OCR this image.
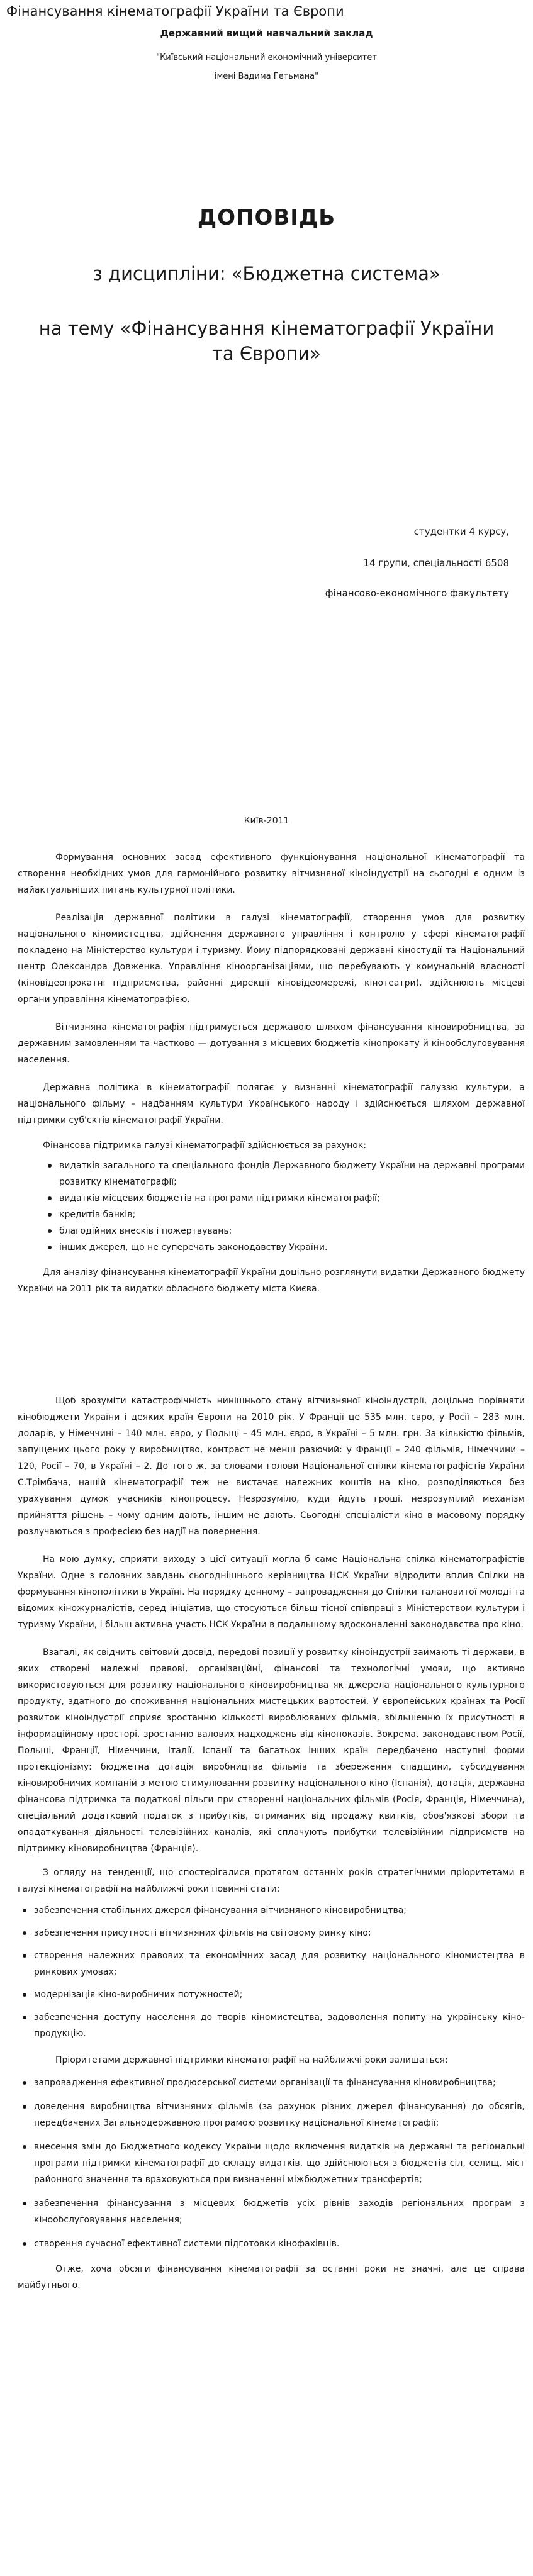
Фінансування кінематографії України та Європи
Державний вищий навчальний заклад
"Київський національний економічний університет
імені Вадима Гетьмана"
ДОПОВІДЬ
з дисципліни: «Бюджетна система»
на тему «Фінансування кінематографії України
та Європи»
студентки 4 курсу,
14 групи, спеціальності 6508
фінансово-економічного факультету
Київ-2011

Формування основних засад ефективного функціонування національної кінематографії та створення необхідних умов для гармонійного розвитку вітчизняної кіноіндустрії на сьогодні є одним із найактуальніших питань культурної політики.

Реалізація державної політики в галузі кінематографії, створення умов для розвитку національного кіномистецтва, здійснення державного управління і контролю у сфері кінематографії покладено на Міністерство культури і туризму. Йому підпорядковані державні кіностудії та Національний центр Олександра Довженка. Управління кінoорганізаціями, що перебувають у комунальній власності (кіновідеопрокатні підприємства, районні дирекції кіновідеомережі, кінотеатри), здійснюють місцеві органи управління кінематографією.

Вітчизняна кінематографія підтримується державою шляхом фінансування кіновиробництва, за державним замовленням та частково — дотування з місцевих бюджетів кінопрокату й кінообслуговування населення.

Державна політика в кінематографії полягає у визнанні кінематографії галуззю культури, а національного фільму – надбанням культури Українського народу і здійснюється шляхом державної підтримки суб'єктів кінематографії України.

Фінансова підтримка галузі кінематографії здійснюється за рахунок:

видатків загального та спеціального фондів Державного бюджету України на державні програми розвитку кінематографії;
видатків місцевих бюджетів на програми підтримки кінематографії;
кредитів банків;
благодійних внесків і пожертвувань;
інших джерел, що не суперечать законодавству України.

Для аналізу фінансування кінематографії України доцільно розглянути видатки Державного бюджету України на 2011 рік та видатки обласного бюджету міста Києва.

Щоб зрозуміти катастрофічність нинішнього стану вітчизняної кіноіндустрії, доцільно порівняти кінобюджети України і деяких країн Європи на 2010 рік. У Франції це 535 млн. євро, у Росії – 283 млн. доларів, у Німеччині – 140 млн. євро, у Польщі – 45 млн. євро, в Україні – 5 млн. грн. За кількістю фільмів, запущених цього року у виробництво, контраст не менш разючий: у Франції – 240 фільмів, Німеччини – 120, Росії – 70, в Україні – 2. До того ж, за словами голови Національної спілки кінематографістів України С.Трімбача, нашій кінематографії теж не вистачає належних коштів на кіно, розподіляються без урахування думок учасників кінопроцесу. Незрозуміло, куди йдуть гроші, незрозумілий механізм прийняття рішень – чому одним дають, іншим не дають. Сьогодні спеціалісти кіно в масовому порядку розлучаються з професією без надії на повернення.

На мою думку, сприяти виходу з цієї ситуації могла б саме Національна спілка кінематографістів України. Одне з головних завдань сьогоднішнього керівництва НСК України відродити вплив Спілки на формування кінополітики в Україні. На порядку денному – запровадження до Спілки талановитої молоді та відомих кіножурналістів, серед ініціатив, що стосуються більш тісної співпраці з Міністерством культури і туризму України, і більш активна участь НСК України в подальшому вдосконаленні законодавства про кіно.

Взагалі, як свідчить світовий досвід, передові позиції у розвитку кіноіндустрії займають ті держави, в яких створені належні правові, організаційні, фінансові та технологічні умови, що активно використовуються для розвитку національного кіновиробництва як джерела національного культурного продукту, здатного до споживання національних мистецьких вартостей. У європейських країнах та Росії розвиток кіноіндустрії сприяє зростанню кількості вироблюваних фільмів, збільшенню їх присутності в інформаційному просторі, зростанню валових надходжень від кінопоказів. Зокрема, законодавством Росії, Польщі, Франції, Німеччини, Італії, Іспанії та багатьох інших країн передбачено наступні форми протекціонізму: бюджетна дотація виробництва фільмів та збереження спадщини, субсидування кіновиробничих компаній з метою стимулювання розвитку національного кіно (Іспанія), дотація, державна фінансова підтримка та податкові пільги при створенні національних фільмів (Росія, Франція, Німеччина), спеціальний додатковий податок з прибутків, отриманих від продажу квитків, обов'язкові збори та опадаткування діяльності телевізійних каналів, які сплачують прибутки телевізійним підприємств на підтримку кіновиробництва (Франція).

З огляду на тенденції, що спостерігалися протягом останніх років стратегічними пріоритетами в галузі кінематографії на найближчі роки повинні стати:

забезпечення стабільних джерел фінансування вітчизняного кіновиробництва;
забезпечення присутності вітчизняних фільмів на світовому ринку кіно;
створення належних правових та економічних засад для розвитку національного кіномистецтва в ринкових умовах;
модернізація кіно-виробничих потужностей;
забезпечення доступу населення до творів кіномистецтва, задоволення попиту на українську кіно-продукцію.

Пріоритетами державної підтримки кінематографії на найближчі роки залишаться:

запровадження ефективної продюсерської системи організації та фінансування кіновиробництва;
доведення виробництва вітчизняних фільмів (за рахунок різних джерел фінансування) до обсягів, передбачених Загальнодержавною програмою розвитку національної кінематографії;
внесення змін до Бюджетного кодексу України щодо включення видатків на державні та регіональні програми підтримки кінематографії до складу видатків, що здійснюються з бюджетів сіл, селищ, міст районного значення та враховуються при визначенні міжбюджетних трансфертів;
забезпечення фінансування з місцевих бюджетів усіх рівнів заходів регіональних програм з кінообслуговування населення;
створення сучасної ефективної системи підготовки кінофахівців.

Отже, хоча обсяги фінансування кінематографії за останні роки не значні, але це справа майбутнього.
